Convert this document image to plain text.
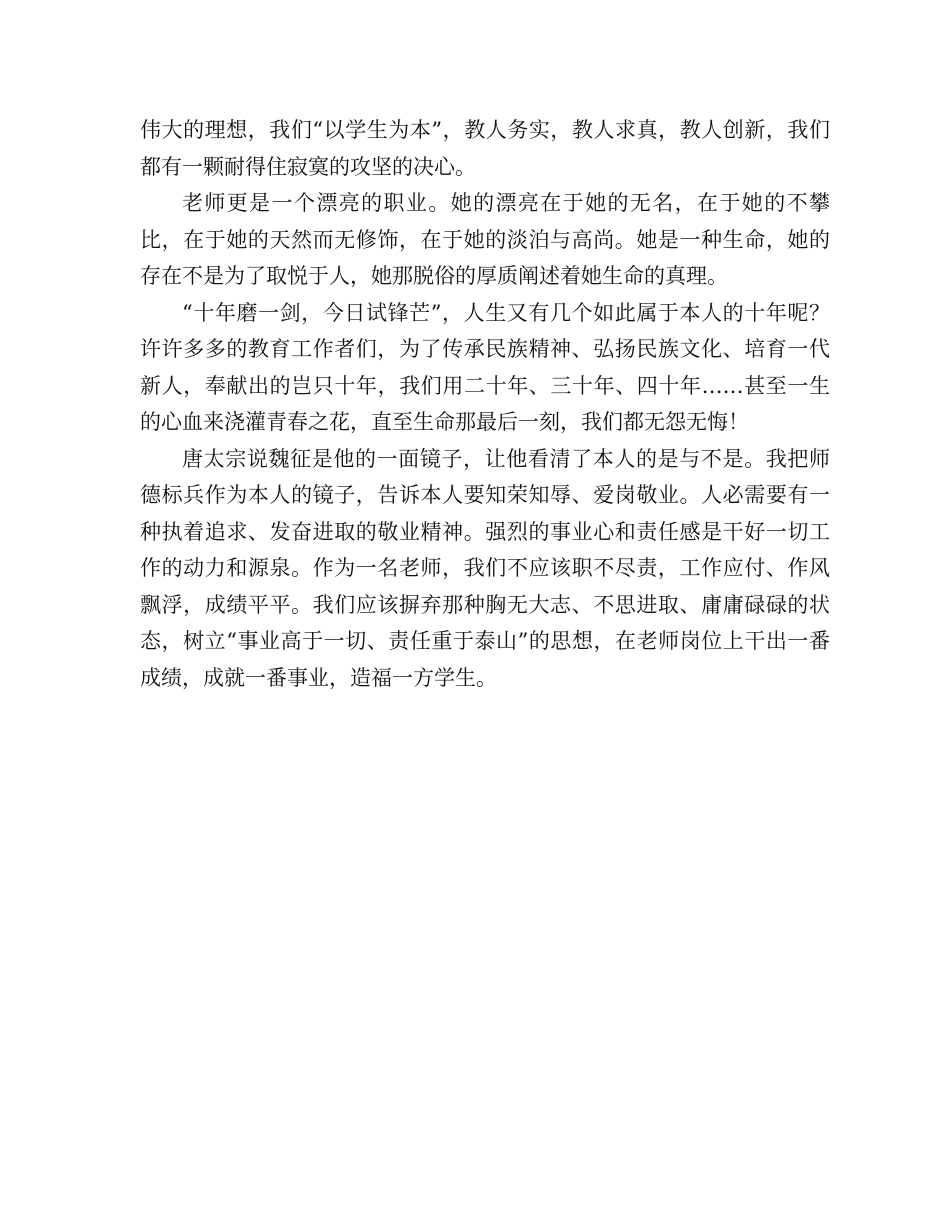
伟大的理想，我们“以学生为本”，教人务实，教人求真，教人创新，我们都有一颗耐得住寂寞的攻坚的决心。

老师更是一个漂亮的职业。她的漂亮在于她的无名，在于她的不攀比，在于她的天然而无修饰，在于她的淡泊与高尚。她是一种生命，她的存在不是为了取悦于人，她那脱俗的厚质阐述着她生命的真理。

“十年磨一剑，今日试锋芒”，人生又有几个如此属于本人的十年呢？许许多多的教育工作者们，为了传承民族精神、弘扬民族文化、培育一代新人，奉献出的岂只十年，我们用二十年、三十年、四十年……甚至一生的心血来浇灌青春之花，直至生命那最后一刻，我们都无怨无悔！

唐太宗说魏征是他的一面镜子，让他看清了本人的是与不是。我把师德标兵作为本人的镜子，告诉本人要知荣知辱、爱岗敬业。人必需要有一种执着追求、发奋进取的敬业精神。强烈的事业心和责任感是干好一切工作的动力和源泉。作为一名老师，我们不应该职不尽责，工作应付、作风飘浮，成绩平平。我们应该摒弃那种胸无大志、不思进取、庸庸碌碌的状态，树立“事业高于一切、责任重于泰山”的思想，在老师岗位上干出一番成绩，成就一番事业，造福一方学生。
